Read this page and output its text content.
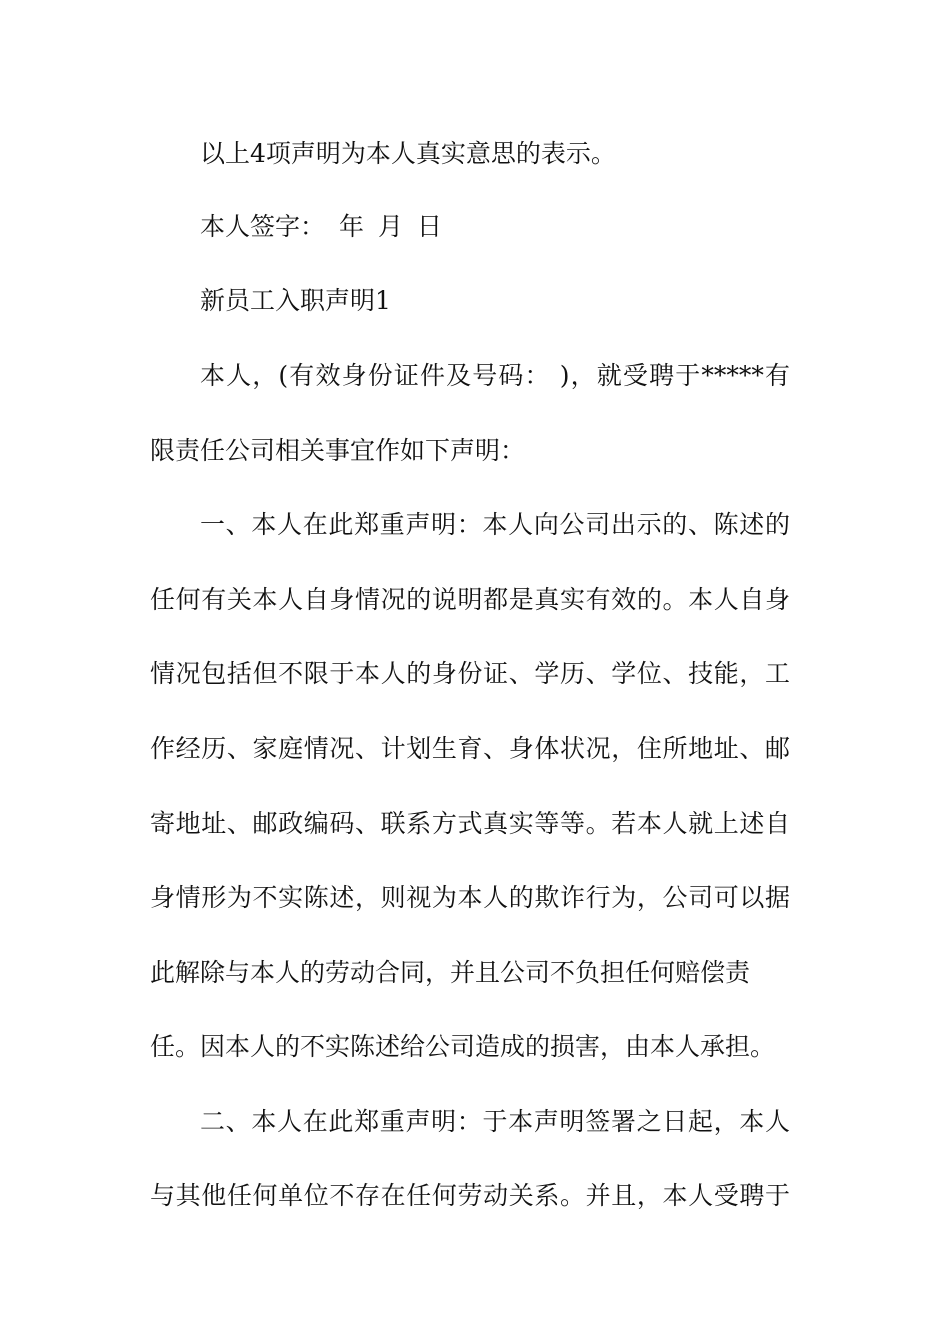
以上4项声明为本人真实意思的表示。
本人签字： 年 月 日
新员工入职声明1
本人，(有效身份证件及号码： )，就受聘于*****有
限责任公司相关事宜作如下声明：
一、本人在此郑重声明：本人向公司出示的、陈述的
任何有关本人自身情况的说明都是真实有效的。本人自身
情况包括但不限于本人的身份证、学历、学位、技能，工
作经历、家庭情况、计划生育、身体状况，住所地址、邮
寄地址、邮政编码、联系方式真实等等。若本人就上述自
身情形为不实陈述，则视为本人的欺诈行为，公司可以据
此解除与本人的劳动合同，并且公司不负担任何赔偿责
任。因本人的不实陈述给公司造成的损害，由本人承担。
二、本人在此郑重声明：于本声明签署之日起，本人
与其他任何单位不存在任何劳动关系。并且，本人受聘于
